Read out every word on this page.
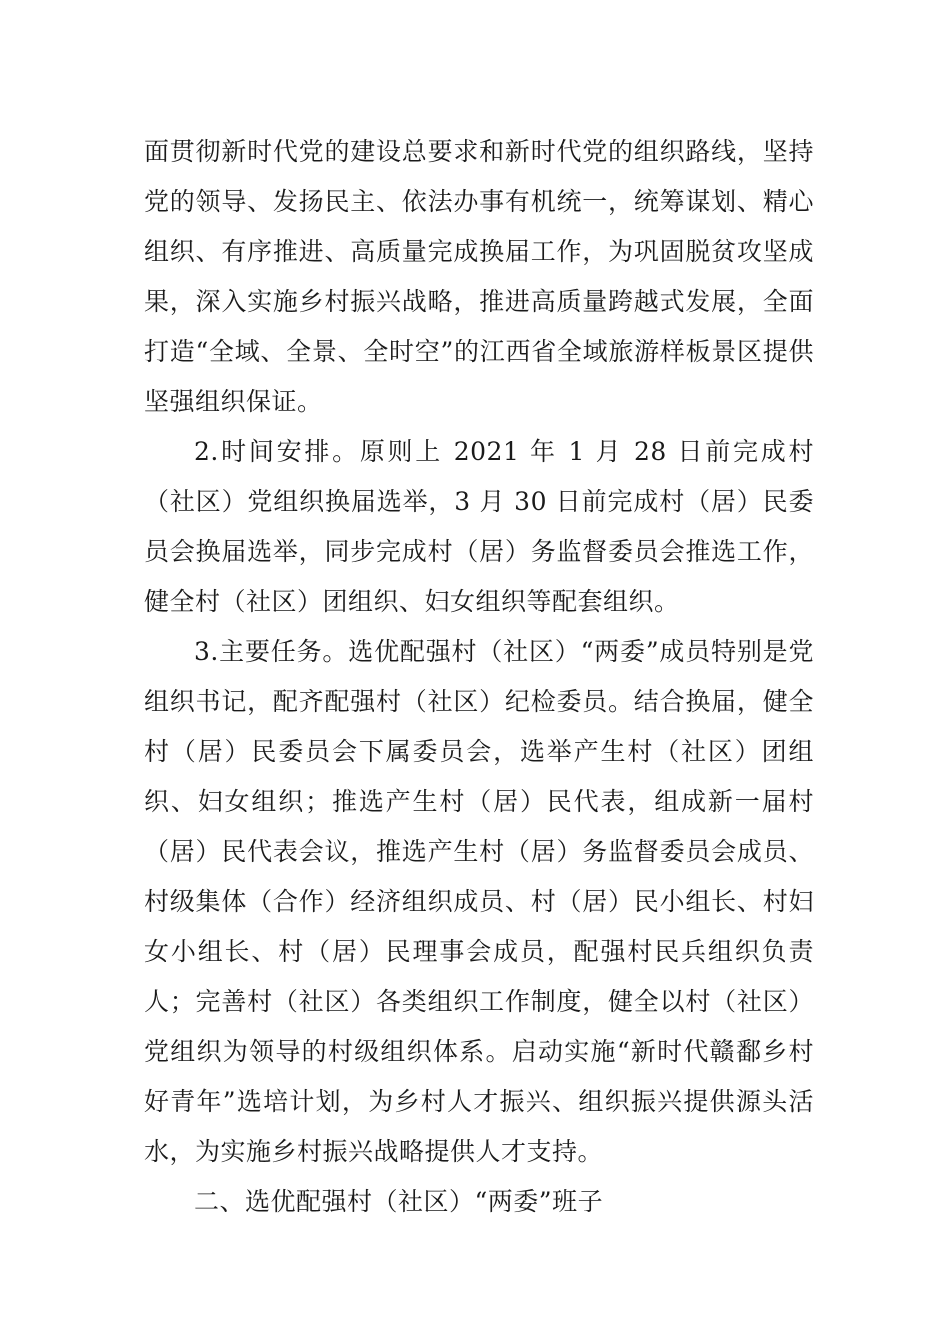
面贯彻新时代党的建设总要求和新时代党的组织路线，坚持党的领导、发扬民主、依法办事有机统一，统筹谋划、精心组织、有序推进、高质量完成换届工作，为巩固脱贫攻坚成果，深入实施乡村振兴战略，推进高质量跨越式发展，全面打造“全域、全景、全时空”的江西省全域旅游样板景区提供坚强组织保证。

2.时间安排。原则上 2021 年 1 月 28 日前完成村（社区）党组织换届选举，3 月 30 日前完成村（居）民委员会换届选举，同步完成村（居）务监督委员会推选工作，健全村（社区）团组织、妇女组织等配套组织。

3.主要任务。选优配强村（社区）“两委”成员特别是党组织书记，配齐配强村（社区）纪检委员。结合换届，健全村（居）民委员会下属委员会，选举产生村（社区）团组织、妇女组织；推选产生村（居）民代表，组成新一届村（居）民代表会议，推选产生村（居）务监督委员会成员、村级集体（合作）经济组织成员、村（居）民小组长、村妇女小组长、村（居）民理事会成员，配强村民兵组织负责人；完善村（社区）各类组织工作制度，健全以村（社区）党组织为领导的村级组织体系。启动实施“新时代赣鄱乡村好青年”选培计划，为乡村人才振兴、组织振兴提供源头活水，为实施乡村振兴战略提供人才支持。

二、选优配强村（社区）“两委”班子
